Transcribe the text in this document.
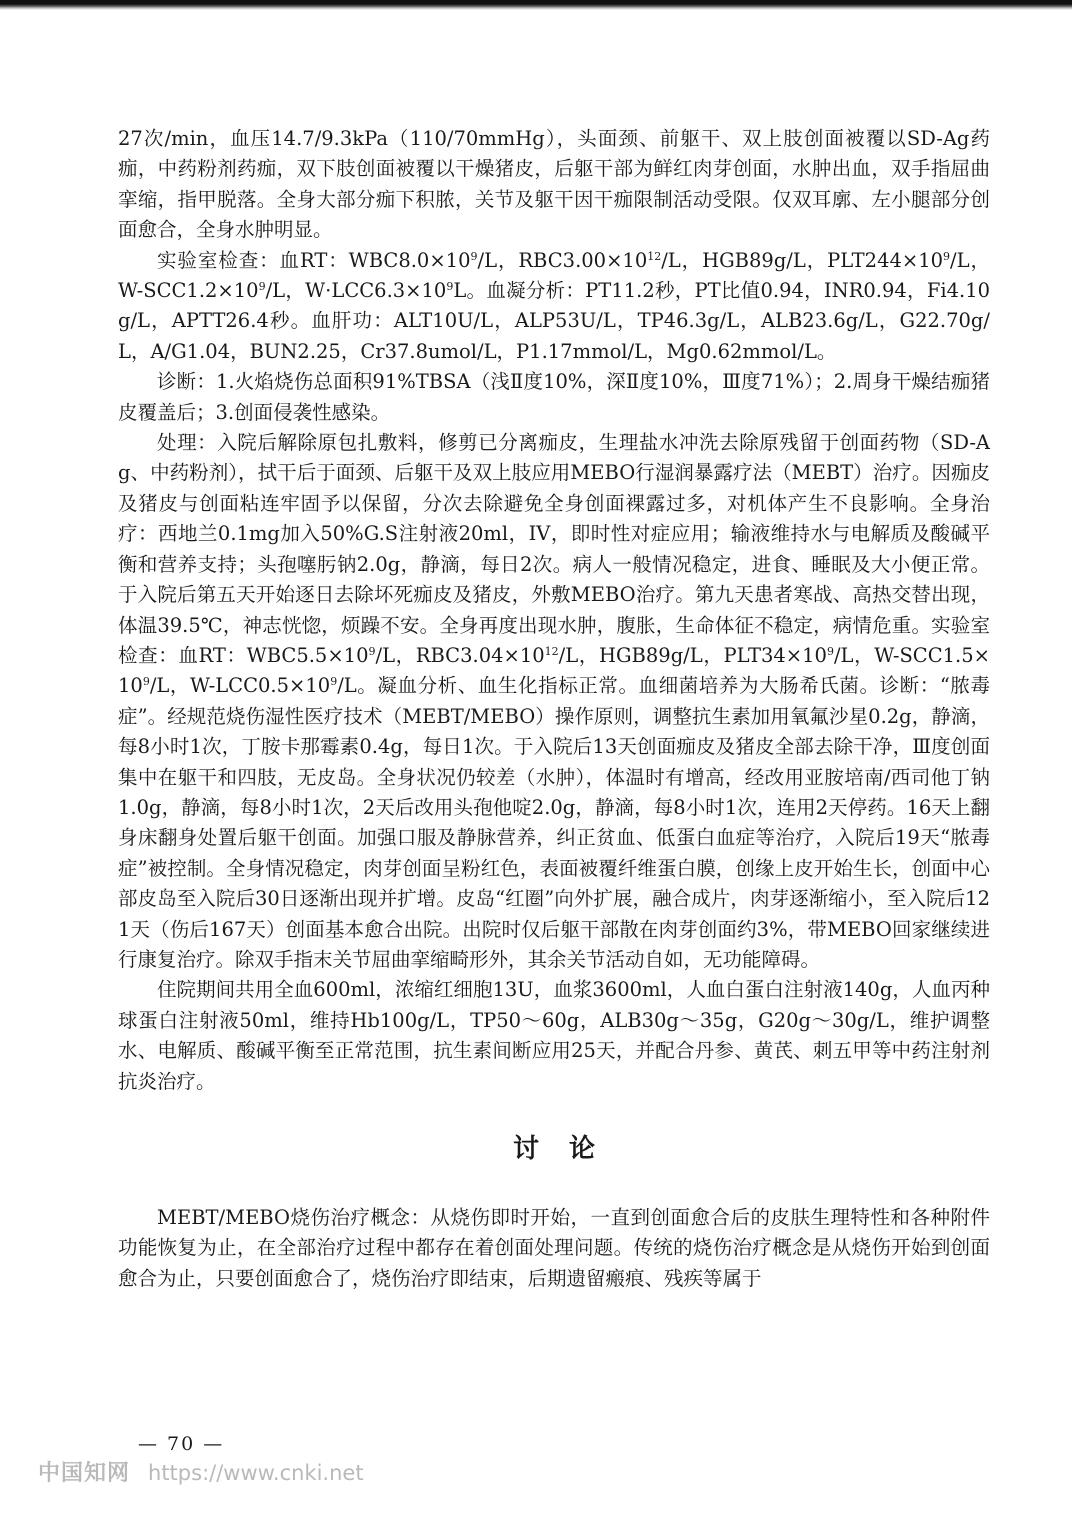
27次/min，血压14.7/9.3kPa（110/70mmHg），头面颈、前躯干、双上肢创面被覆以SD-Ag药痂，中药粉剂药痂，双下肢创面被覆以干燥猪皮，后躯干部为鲜红肉芽创面，水肿出血，双手指屈曲挛缩，指甲脱落。全身大部分痂下积脓，关节及躯干因干痂限制活动受限。仅双耳廓、左小腿部分创面愈合，全身水肿明显。

实验室检查：血RT：$WBC8.0\times 10^9/L$，$RBC3.00\times 10^{12}/L$，HGB89g/L，$PLT244\times 10^9/L$，$W-SCC1.2\times 10^9/L$，$W\cdot LCC6.3\times 10^9L$。血凝分析：PT11.2秒，PT比值0.94，INR0.94，Fi4.10g/L，APTT26.4秒。血肝功：ALT10U/L，ALP53U/L，TP46.3g/L，ALB23.6g/L，G22.70g/L，A/G1.04，BUN2.25，Cr37.8umol/L，P1.17mmol/L，Mg0.62mmol/L。

诊断：1.火焰烧伤总面积91%TBSA（浅Ⅱ度10%，深Ⅱ度10%，Ⅲ度71%）；2.周身干燥结痂猪皮覆盖后；3.创面侵袭性感染。

处理：入院后解除原包扎敷料，修剪已分离痂皮，生理盐水冲洗去除原残留于创面药物（SD-Ag、中药粉剂），拭干后于面颈、后躯干及双上肢应用MEBO行湿润暴露疗法（MEBT）治疗。因痂皮及猪皮与创面粘连牢固予以保留，分次去除避免全身创面裸露过多，对机体产生不良影响。全身治疗：西地兰0.1mg加入50%G.S注射液20ml，IV，即时性对症应用；输液维持水与电解质及酸碱平衡和营养支持；头孢噻肟钠2.0g，静滴，每日2次。病人一般情况稳定，进食、睡眠及大小便正常。于入院后第五天开始逐日去除坏死痂皮及猪皮，外敷MEBO治疗。第九天患者寒战、高热交替出现，体温39.5℃，神志恍惚，烦躁不安。全身再度出现水肿，腹胀，生命体征不稳定，病情危重。实验室检查：血RT：$WBC5.5\times 10^9/L$，$RBC3.04\times 10^{12}/L$，HGB89g/L，$PLT34\times 10^9/L$，$W-SCC1.5\times 10^9/L$，$W-LCC0.5\times 10^9/L$。凝血分析、血生化指标正常。血细菌培养为大肠希氏菌。诊断：“脓毒症”。经规范烧伤湿性医疗技术（MEBT/MEBO）操作原则，调整抗生素加用氧氟沙星0.2g，静滴，每8小时1次，丁胺卡那霉素0.4g，每日1次。于入院后13天创面痂皮及猪皮全部去除干净，Ⅲ度创面集中在躯干和四肢，无皮岛。全身状况仍较差（水肿），体温时有增高，经改用亚胺培南/西司他丁钠1.0g，静滴，每8小时1次，2天后改用头孢他啶2.0g，静滴，每8小时1次，连用2天停药。16天上翻身床翻身处置后躯干创面。加强口服及静脉营养，纠正贫血、低蛋白血症等治疗，入院后19天“脓毒症”被控制。全身情况稳定，肉芽创面呈粉红色，表面被覆纤维蛋白膜，创缘上皮开始生长，创面中心部皮岛至入院后30日逐渐出现并扩增。皮岛“红圈”向外扩展，融合成片，肉芽逐渐缩小，至入院后121天（伤后167天）创面基本愈合出院。出院时仅后躯干部散在肉芽创面约3%，带MEBO回家继续进行康复治疗。除双手指末关节屈曲挛缩畸形外，其余关节活动自如，无功能障碍。

住院期间共用全血600ml，浓缩红细胞13U，血浆3600ml，人血白蛋白注射液140g，人血丙种球蛋白注射液50ml，维持Hb100g/L，TP50～60g，ALB30g～35g，G20g～30g/L，维护调整水、电解质、酸碱平衡至正常范围，抗生素间断应用25天，并配合丹参、黄芪、刺五甲等中药注射剂抗炎治疗。

讨论

MEBT/MEBO烧伤治疗概念：从烧伤即时开始，一直到创面愈合后的皮肤生理特性和各种附件功能恢复为止，在全部治疗过程中都存在着创面处理问题。传统的烧伤治疗概念是从烧伤开始到创面愈合为止，只要创面愈合了，烧伤治疗即结束，后期遗留瘢痕、残疾等属于

— 70 —
中国知网 https://www.cnki.net
